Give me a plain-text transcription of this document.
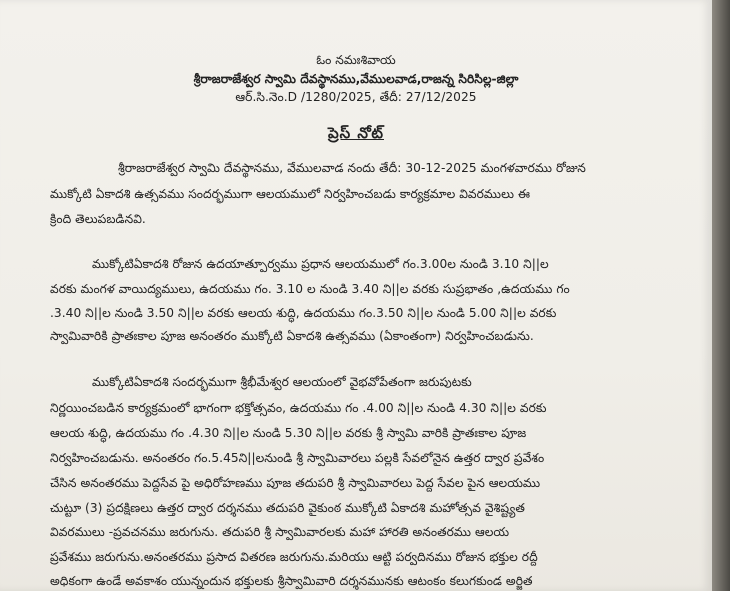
ఓం నమఃశివాయ
శ్రీరాజరాజేశ్వర స్వామి దేవస్థానము,వేములవాడ,రాజన్న సిరిసిల్ల-జిల్లా
ఆర్.సి.నెం.D /1280/2025, తేదీ: 27/12/2025
ప్రెస్ నోట్
శ్రీరాజరాజేశ్వర స్వామి దేవస్థానము, వేములవాడ నందు తేదీ: 30-12-2025 మంగళవారము రోజున
ముక్కోటి ఏకాదశి ఉత్సవము సందర్భముగా ఆలయములో నిర్వహించబడు కార్యక్రమాల వివరములు ఈ
క్రింది తెలుపబడినవి.
ముక్కోటిఏకాదశి రోజున ఉదయాత్పూర్వము ప్రధాన ఆలయములో గం.3.00ల నుండి 3.10 ని||ల
వరకు మంగళ వాయిద్యములు, ఉదయము గం. 3.10 ల నుండి 3.40 ని||ల వరకు సుప్రభాతం ,ఉదయము గం
.3.40 ని||ల నుండి 3.50 ని||ల వరకు ఆలయ శుద్ధి, ఉదయము గం.3.50 ని||ల నుండి 5.00 ని||ల వరకు
స్వామివారికి ప్రాతఃకాల పూజ అనంతరం ముక్కోటి ఏకాదశి ఉత్సవము (ఏకాంతంగా) నిర్వహించబడును.
ముక్కోటిఏకాదశి సందర్భముగా శ్రీభీమేశ్వర ఆలయంలో వైభవోపేతంగా జరుపుటకు
నిర్ణయించబడిన కార్యక్రమంలో భాగంగా భక్తోత్సవం, ఉదయము గం .4.00 ని||ల నుండి 4.30 ని||ల వరకు
ఆలయ శుద్ధి, ఉదయము గం .4.30 ని||ల నుండి 5.30 ని||ల వరకు శ్రీ స్వామి వారికి ప్రాతఃకాల పూజ
నిర్వహించబడును. అనంతరం గం.5.45ని||లనుండి శ్రీ స్వామివారలు పల్లకి సేవలోనైన ఉత్తర ద్వార ప్రవేశం
చేసిన అనంతరము పెద్దసేవ పై అధిరోహణము పూజ తదుపరి శ్రీ స్వామివారలు పెద్ద సేవల పైన ఆలయము
చుట్టూ (3) ప్రదక్షిణలు ఉత్తర ద్వార దర్శనము తదుపరి వైకుంఠ ముక్కోటి ఏకాదశి మహోత్సవ వైశిష్ట్యత
వివరములు -ప్రవచనము జరుగును. తదుపరి శ్రీ స్వామివారలకు మహా హారతి అనంతరము ఆలయ
ప్రవేశము జరుగును.అనంతరము ప్రసాద వితరణ జరుగును.మరియు ఆట్టి పర్వదినము రోజున భక్తుల రద్దీ
అధికంగా ఉండే అవకాశం యున్నందున భక్తులకు శ్రీస్వామివారి దర్శనమునకు ఆటంకం కలుగకుండ అర్జిత
